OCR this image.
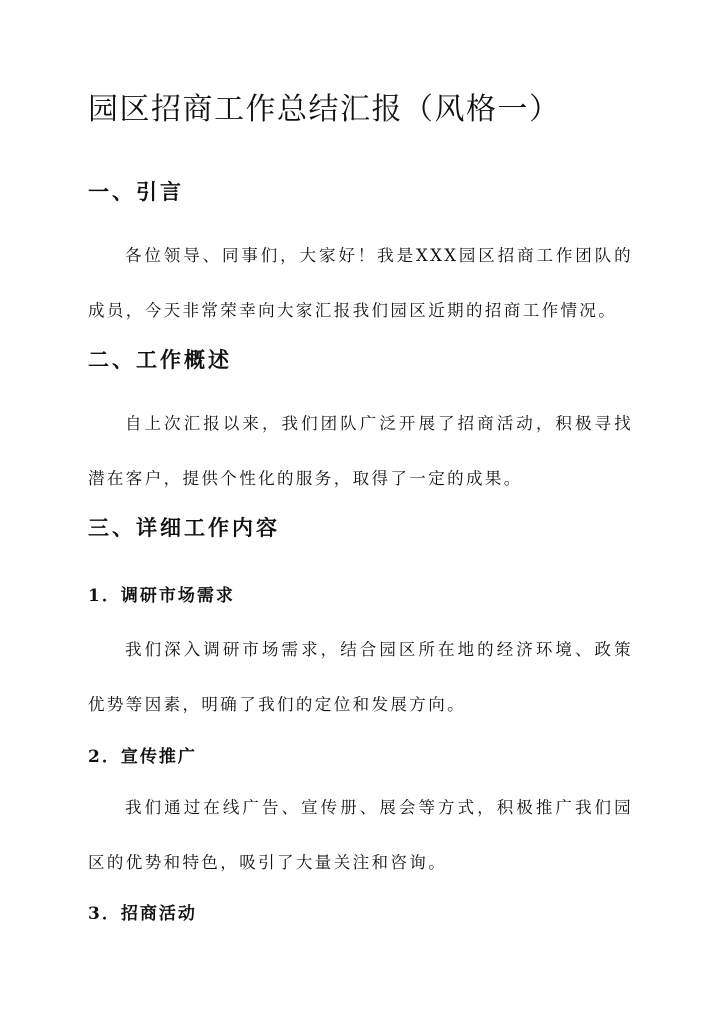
园区招商工作总结汇报（风格一）
一、引言

各位领导、同事们，大家好！我是XXX园区招商工作团队的成员，今天非常荣幸向大家汇报我们园区近期的招商工作情况。

二、工作概述

自上次汇报以来，我们团队广泛开展了招商活动，积极寻找潜在客户，提供个性化的服务，取得了一定的成果。

三、详细工作内容
1．调研市场需求

我们深入调研市场需求，结合园区所在地的经济环境、政策优势等因素，明确了我们的定位和发展方向。

2．宣传推广

我们通过在线广告、宣传册、展会等方式，积极推广我们园区的优势和特色，吸引了大量关注和咨询。

3．招商活动
